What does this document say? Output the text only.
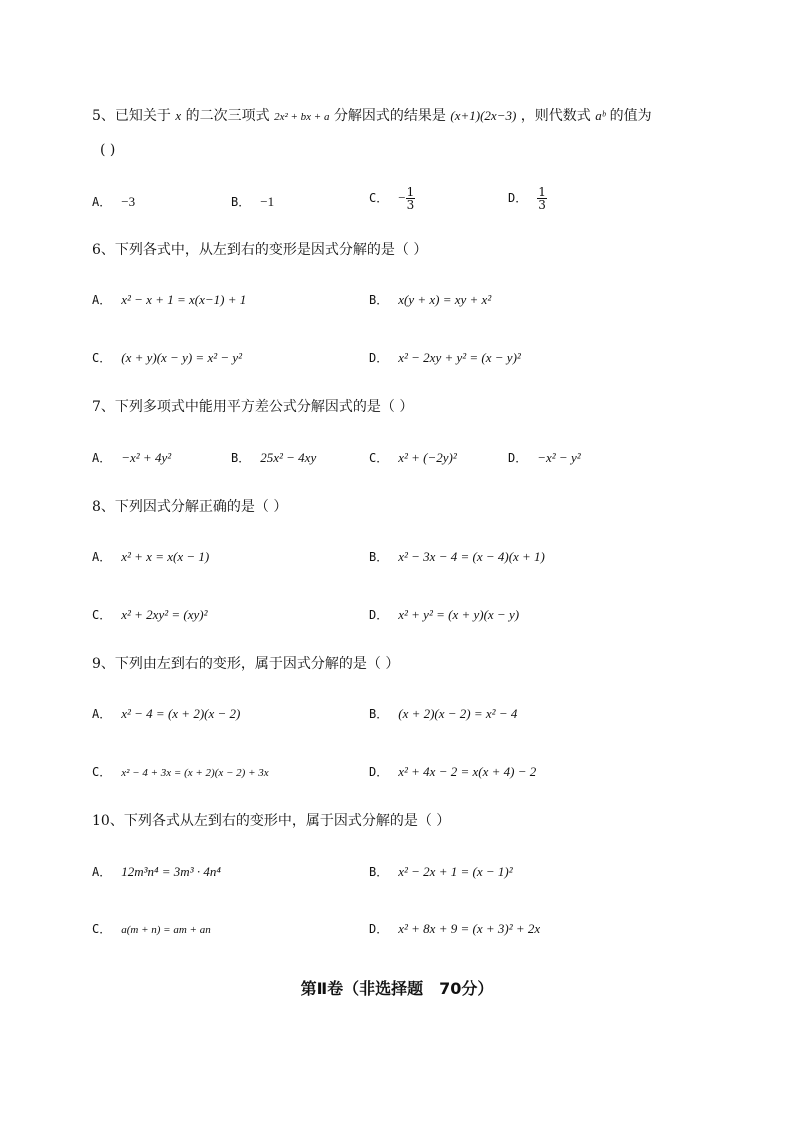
5、已知关于 x 的二次三项式 2x² + bx + a 分解因式的结果是 (x+1)(2x−3) ，则代数式 aᵇ 的值为
( )
A． −3	B． −1	C． − $\frac{1}{3}$	D． $\frac{1}{3}$
6、下列各式中，从左到右的变形是因式分解的是（ ）
A． x² − x + 1 = x(x−1) + 1	B． x(y + x) = xy + x²
C． (x + y)(x − y) = x² − y²	D． x² − 2xy + y² = (x − y)²
7、下列多项式中能用平方差公式分解因式的是（ ）
A． −x² + 4y²	B． 25x² − 4xy	C． x² + (−2y)²	D． −x² − y²
8、下列因式分解正确的是（ ）
A． x² + x = x(x − 1)	B． x² − 3x − 4 = (x − 4)(x + 1)
C． x² + 2xy² = (xy)²	D． x² + y² = (x + y)(x − y)
9、下列由左到右的变形，属于因式分解的是（ ）
A． x² − 4 = (x + 2)(x − 2)	B． (x + 2)(x − 2) = x² − 4
C． x² − 4 + 3x = (x + 2)(x − 2) + 3x	D． x² + 4x − 2 = x(x + 4) − 2
10、下列各式从左到右的变形中，属于因式分解的是（ ）
A． 12m³n⁴ = 3m³ · 4n⁴	B． x² − 2x + 1 = (x − 1)²
C． a(m + n) = am + an	D． x² + 8x + 9 = (x + 3)² + 2x
第Ⅱ卷（非选择题　70分）
